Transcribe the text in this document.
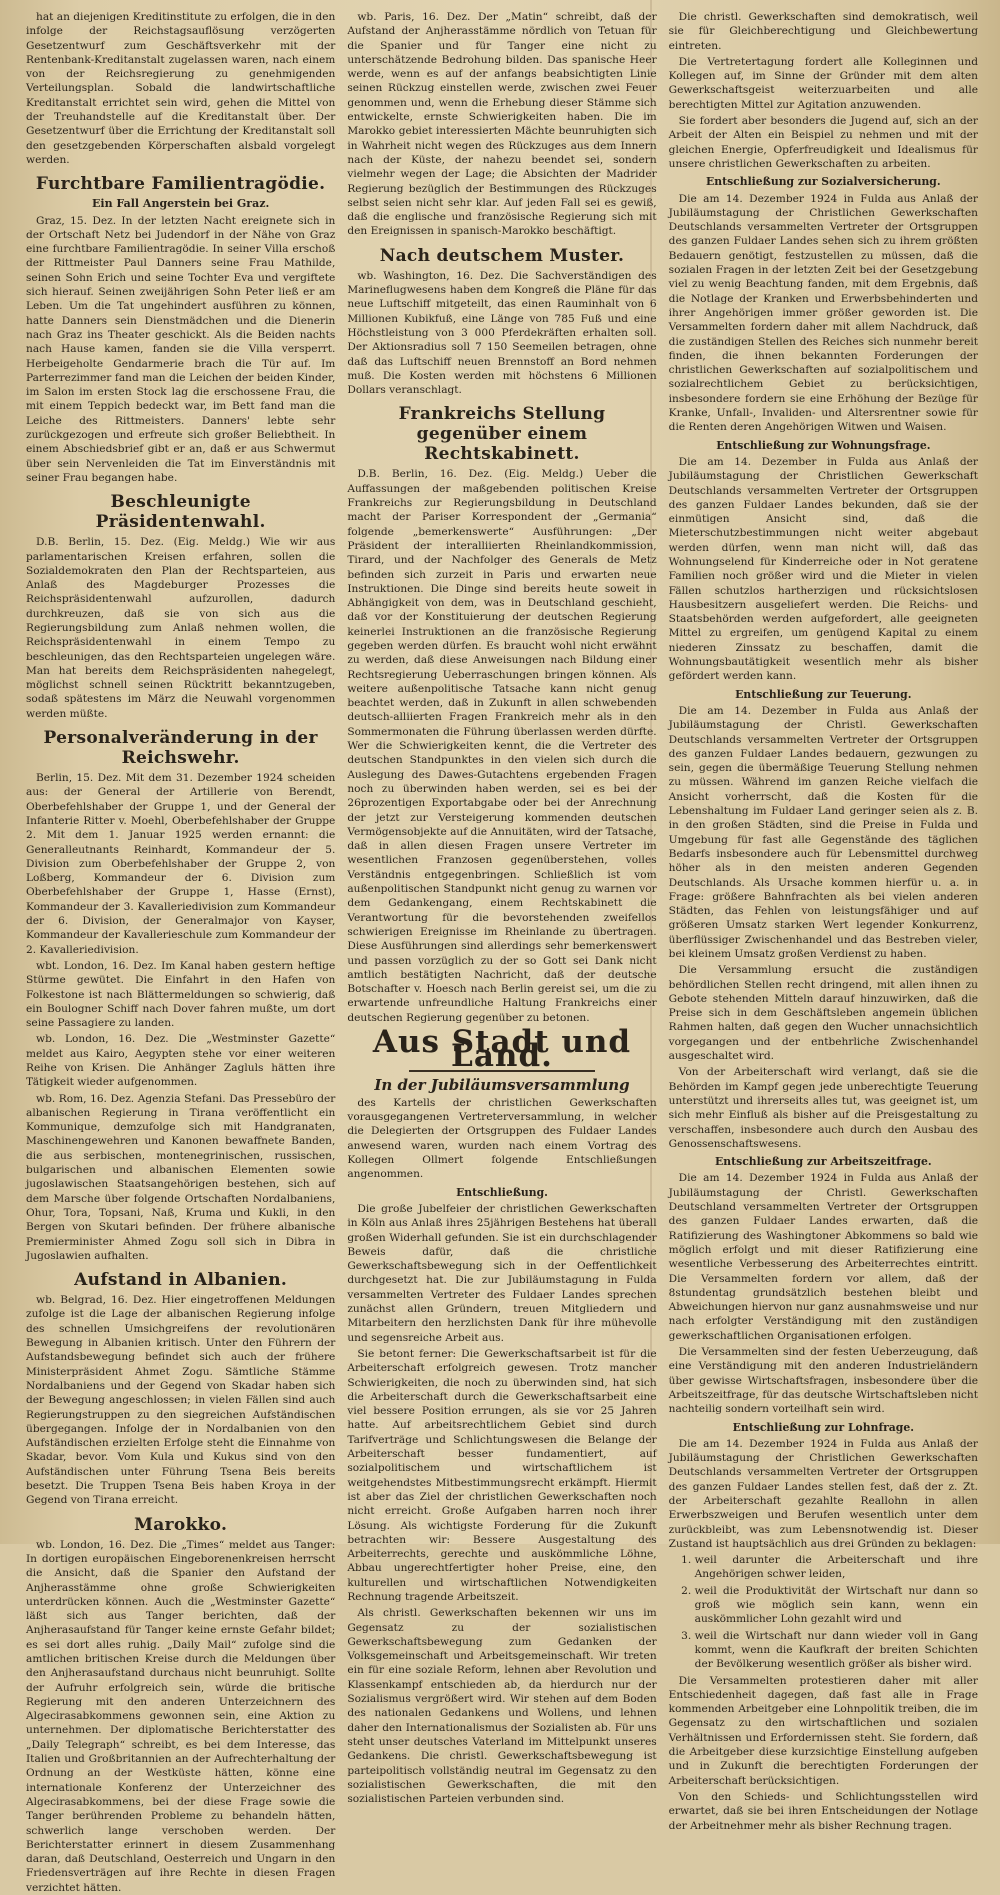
hat an diejenigen Kreditinstitute zu erfolgen, die in den infolge der Reichstagsauflösung verzögerten Gesetzentwurf zum Geschäftsverkehr mit der Rentenbank-Kreditanstalt zugelassen waren, nach einem von der Reichsregierung zu genehmigenden Verteilungsplan. Sobald die landwirtschaftliche Kreditanstalt errichtet sein wird, gehen die Mittel von der Treuhandstelle auf die Kreditanstalt über. Der Gesetzentwurf über die Errichtung der Kreditanstalt soll den gesetzgebenden Körperschaften alsbald vorgelegt werden.

Furchtbare Familientragödie.
Ein Fall Angerstein bei Graz.

Graz, 15. Dez. In der letzten Nacht ereignete sich in der Ortschaft Netz bei Judendorf in der Nähe von Graz eine furchtbare Familientragödie. In seiner Villa erschoß der Rittmeister Paul Danners seine Frau Mathilde, seinen Sohn Erich und seine Tochter Eva und vergiftete sich hierauf. Seinen zweijährigen Sohn Peter ließ er am Leben. Um die Tat ungehindert ausführen zu können, hatte Danners sein Dienstmädchen und die Dienerin nach Graz ins Theater geschickt. Als die Beiden nachts nach Hause kamen, fanden sie die Villa versperrt. Herbeigeholte Gendarmerie brach die Tür auf. Im Parterrezimmer fand man die Leichen der beiden Kinder, im Salon im ersten Stock lag die erschossene Frau, die mit einem Teppich bedeckt war, im Bett fand man die Leiche des Rittmeisters. Danners' lebte sehr zurückgezogen und erfreute sich großer Beliebtheit. In einem Abschiedsbrief gibt er an, daß er aus Schwermut über sein Nervenleiden die Tat im Einverständnis mit seiner Frau begangen habe.

Beschleunigte Präsidentenwahl.

D.B. Berlin, 15. Dez. (Eig. Meldg.) Wie wir aus parlamentarischen Kreisen erfahren, sollen die Sozialdemokraten den Plan der Rechtsparteien, aus Anlaß des Magdeburger Prozesses die Reichspräsidentenwahl aufzurollen, dadurch durchkreuzen, daß sie von sich aus die Regierungsbildung zum Anlaß nehmen wollen, die Reichspräsidentenwahl in einem Tempo zu beschleunigen, das den Rechtsparteien ungelegen wäre. Man hat bereits dem Reichspräsidenten nahegelegt, möglichst schnell seinen Rücktritt bekanntzugeben, sodaß spätestens im März die Neuwahl vorgenommen werden müßte.

Personalveränderung in der Reichswehr.

Berlin, 15. Dez. Mit dem 31. Dezember 1924 scheiden aus: der General der Artillerie von Berendt, Oberbefehlshaber der Gruppe 1, und der General der Infanterie Ritter v. Moehl, Oberbefehlshaber der Gruppe 2. Mit dem 1. Januar 1925 werden ernannt: die Generalleutnants Reinhardt, Kommandeur der 5. Division zum Oberbefehlshaber der Gruppe 2, von Loßberg, Kommandeur der 6. Division zum Oberbefehlshaber der Gruppe 1, Hasse (Ernst), Kommandeur der 3. Kavalleriedivision zum Kommandeur der 6. Division, der Generalmajor von Kayser, Kommandeur der Kavallerieschule zum Kommandeur der 2. Kavalleriedivision.

wbt. London, 16. Dez. Im Kanal haben gestern heftige Stürme gewütet. Die Einfahrt in den Hafen von Folkestone ist nach Blättermeldungen so schwierig, daß ein Boulogner Schiff nach Dover fahren mußte, um dort seine Passagiere zu landen.

wb. London, 16. Dez. Die „Westminster Gazette“ meldet aus Kairo, Aegypten stehe vor einer weiteren Reihe von Krisen. Die Anhänger Zagluls hätten ihre Tätigkeit wieder aufgenommen.

wb. Rom, 16. Dez. Agenzia Stefani. Das Pressebüro der albanischen Regierung in Tirana veröffentlicht ein Kommunique, demzufolge sich mit Handgranaten, Maschinengewehren und Kanonen bewaffnete Banden, die aus serbischen, montenegrinischen, russischen, bulgarischen und albanischen Elementen sowie jugoslawischen Staatsangehörigen bestehen, sich auf dem Marsche über folgende Ortschaften Nordalbaniens, Ohur, Tora, Topsani, Naß, Kruma und Kukli, in den Bergen von Skutari befinden. Der frühere albanische Premierminister Ahmed Zogu soll sich in Dibra in Jugoslawien aufhalten.

Aufstand in Albanien.

wb. Belgrad, 16. Dez. Hier eingetroffenen Meldungen zufolge ist die Lage der albanischen Regierung infolge des schnellen Umsichgreifens der revolutionären Bewegung in Albanien kritisch. Unter den Führern der Aufstandsbewegung befindet sich auch der frühere Ministerpräsident Ahmet Zogu. Sämtliche Stämme Nordalbaniens und der Gegend von Skadar haben sich der Bewegung angeschlossen; in vielen Fällen sind auch Regierungstruppen zu den siegreichen Aufständischen übergegangen. Infolge der in Nordalbanien von den Aufständischen erzielten Erfolge steht die Einnahme von Skadar, bevor. Vom Kula und Kukus sind von den Aufständischen unter Führung Tsena Beis bereits besetzt. Die Truppen Tsena Beis haben Kroya in der Gegend von Tirana erreicht.

Marokko.

wb. London, 16. Dez. Die „Times“ meldet aus Tanger: In dortigen europäischen Eingeborenenkreisen herrscht die Ansicht, daß die Spanier den Aufstand der Anjherasstämme ohne große Schwierigkeiten unterdrücken können. Auch die „Westminster Gazette“ läßt sich aus Tanger berichten, daß der Anjherasaufstand für Tanger keine ernste Gefahr bildet; es sei dort alles ruhig. „Daily Mail“ zufolge sind die amtlichen britischen Kreise durch die Meldungen über den Anjherasaufstand durchaus nicht beunruhigt. Sollte der Aufruhr erfolgreich sein, würde die britische Regierung mit den anderen Unterzeichnern des Algecirasabkommens gewonnen sein, eine Aktion zu unternehmen. Der diplomatische Berichterstatter des „Daily Telegraph“ schreibt, es bei dem Interesse, das Italien und Großbritannien an der Aufrechterhaltung der Ordnung an der Westküste hätten, könne eine internationale Konferenz der Unterzeichner des Algecirasabkommens, bei der diese Frage sowie die Tanger berührenden Probleme zu behandeln hätten, schwerlich lange verschoben werden. Der Berichterstatter erinnert in diesem Zusammenhang daran, daß Deutschland, Oesterreich und Ungarn in den Friedensverträgen auf ihre Rechte in diesen Fragen verzichtet hätten.

wb. Paris, 16. Dez. Der „Matin“ schreibt, daß der Aufstand der Anjherasstämme nördlich von Tetuan für die Spanier und für Tanger eine nicht zu unterschätzende Bedrohung bilden. Das spanische Heer werde, wenn es auf der anfangs beabsichtigten Linie seinen Rückzug einstellen werde, zwischen zwei Feuer genommen und, wenn die Erhebung dieser Stämme sich entwickelte, ernste Schwierigkeiten haben. Die im Marokko gebiet interessierten Mächte beunruhigten sich in Wahrheit nicht wegen des Rückzuges aus dem Innern nach der Küste, der nahezu beendet sei, sondern vielmehr wegen der Lage; die Absichten der Madrider Regierung bezüglich der Bestimmungen des Rückzuges selbst seien nicht sehr klar. Auf jeden Fall sei es gewiß, daß die englische und französische Regierung sich mit den Ereignissen in spanisch-Marokko beschäftigt.

Nach deutschem Muster.

wb. Washington, 16. Dez. Die Sachverständigen des Marineflugwesens haben dem Kongreß die Pläne für das neue Luftschiff mitgeteilt, das einen Rauminhalt von 6 Millionen Kubikfuß, eine Länge von 785 Fuß und eine Höchstleistung von 3 000 Pferdekräften erhalten soll. Der Aktionsradius soll 7 150 Seemeilen betragen, ohne daß das Luftschiff neuen Brennstoff an Bord nehmen muß. Die Kosten werden mit höchstens 6 Millionen Dollars veranschlagt.

Frankreichs Stellung gegenüber einem Rechtskabinett.

D.B. Berlin, 16. Dez. (Eig. Meldg.) Ueber die Auffassungen der maßgebenden politischen Kreise Frankreichs zur Regierungsbildung in Deutschland macht der Pariser Korrespondent der „Germania“ folgende „bemerkenswerte“ Ausführungen: „Der Präsident der interalliierten Rheinlandkommission, Tirard, und der Nachfolger des Generals de Metz befinden sich zurzeit in Paris und erwarten neue Instruktionen. Die Dinge sind bereits heute soweit in Abhängigkeit von dem, was in Deutschland geschieht, daß vor der Konstituierung der deutschen Regierung keinerlei Instruktionen an die französische Regierung gegeben werden dürfen. Es braucht wohl nicht erwähnt zu werden, daß diese Anweisungen nach Bildung einer Rechtsregierung Ueberraschungen bringen können. Als weitere außenpolitische Tatsache kann nicht genug beachtet werden, daß in Zukunft in allen schwebenden deutsch-alliierten Fragen Frankreich mehr als in den Sommermonaten die Führung überlassen werden dürfte. Wer die Schwierigkeiten kennt, die die Vertreter des deutschen Standpunktes in den vielen sich durch die Auslegung des Dawes-Gutachtens ergebenden Fragen noch zu überwinden haben werden, sei es bei der 26prozentigen Exportabgabe oder bei der Anrechnung der jetzt zur Versteigerung kommenden deutschen Vermögensobjekte auf die Annuitäten, wird der Tatsache, daß in allen diesen Fragen unsere Vertreter im wesentlichen Franzosen gegenüberstehen, volles Verständnis entgegenbringen. Schließlich ist vom außenpolitischen Standpunkt nicht genug zu warnen vor dem Gedankengang, einem Rechtskabinett die Verantwortung für die bevorstehenden zweifellos schwierigen Ereignisse im Rheinlande zu übertragen. Diese Ausführungen sind allerdings sehr bemerkenswert und passen vorzüglich zu der so Gott sei Dank nicht amtlich bestätigten Nachricht, daß der deutsche Botschafter v. Hoesch nach Berlin gereist sei, um die zu erwartende unfreundliche Haltung Frankreichs einer deutschen Regierung gegenüber zu betonen.

Aus Stadt und Land.
In der Jubiläumsversammlung

des Kartells der christlichen Gewerkschaften vorausgegangenen Vertreterversammlung, in welcher die Delegierten der Ortsgruppen des Fuldaer Landes anwesend waren, wurden nach einem Vortrag des Kollegen Ollmert folgende Entschließungen angenommen.

Entschließung.

Die große Jubelfeier der christlichen Gewerkschaften in Köln aus Anlaß ihres 25jährigen Bestehens hat überall großen Widerhall gefunden. Sie ist ein durchschlagender Beweis dafür, daß die christliche Gewerkschaftsbewegung sich in der Oeffentlichkeit durchgesetzt hat. Die zur Jubiläumstagung in Fulda versammelten Vertreter des Fuldaer Landes sprechen zunächst allen Gründern, treuen Mitgliedern und Mitarbeitern den herzlichsten Dank für ihre mühevolle und segensreiche Arbeit aus.

Sie betont ferner: Die Gewerkschaftsarbeit ist für die Arbeiterschaft erfolgreich gewesen. Trotz mancher Schwierigkeiten, die noch zu überwinden sind, hat sich die Arbeiterschaft durch die Gewerkschaftsarbeit eine viel bessere Position errungen, als sie vor 25 Jahren hatte. Auf arbeitsrechtlichem Gebiet sind durch Tarifverträge und Schlichtungswesen die Belange der Arbeiterschaft besser fundamentiert, auf sozialpolitischem und wirtschaftlichem ist weitgehendstes Mitbestimmungsrecht erkämpft. Hiermit ist aber das Ziel der christlichen Gewerkschaften noch nicht erreicht. Große Aufgaben harren noch ihrer Lösung. Als wichtigste Forderung für die Zukunft betrachten wir: Bessere Ausgestaltung des Arbeiterrechts, gerechte und auskömmliche Löhne, Abbau ungerechtfertigter hoher Preise, eine, den kulturellen und wirtschaftlichen Notwendigkeiten Rechnung tragende Arbeitszeit.

Als christl. Gewerkschaften bekennen wir uns im Gegensatz zu der sozialistischen Gewerkschaftsbewegung zum Gedanken der Volksgemeinschaft und Arbeitsgemeinschaft. Wir treten ein für eine soziale Reform, lehnen aber Revolution und Klassenkampf entschieden ab, da hierdurch nur der Sozialismus vergrößert wird. Wir stehen auf dem Boden des nationalen Gedankens und Wollens, und lehnen daher den Internationalismus der Sozialisten ab. Für uns steht unser deutsches Vaterland im Mittelpunkt unseres Gedankens. Die christl. Gewerkschaftsbewegung ist parteipolitisch vollständig neutral im Gegensatz zu den sozialistischen Gewerkschaften, die mit den sozialistischen Parteien verbunden sind.

Die christl. Gewerkschaften sind demokratisch, weil sie für Gleichberechtigung und Gleichbewertung eintreten.

Die Vertretertagung fordert alle Kolleginnen und Kollegen auf, im Sinne der Gründer mit dem alten Gewerkschaftsgeist weiterzuarbeiten und alle berechtigten Mittel zur Agitation anzuwenden.

Sie fordert aber besonders die Jugend auf, sich an der Arbeit der Alten ein Beispiel zu nehmen und mit der gleichen Energie, Opferfreudigkeit und Idealismus für unsere christlichen Gewerkschaften zu arbeiten.

Entschließung zur Sozialversicherung.

Die am 14. Dezember 1924 in Fulda aus Anlaß der Jubiläumstagung der Christlichen Gewerkschaften Deutschlands versammelten Vertreter der Ortsgruppen des ganzen Fuldaer Landes sehen sich zu ihrem größten Bedauern genötigt, festzustellen zu müssen, daß die sozialen Fragen in der letzten Zeit bei der Gesetzgebung viel zu wenig Beachtung fanden, mit dem Ergebnis, daß die Notlage der Kranken und Erwerbsbehinderten und ihrer Angehörigen immer größer geworden ist. Die Versammelten fordern daher mit allem Nachdruck, daß die zuständigen Stellen des Reiches sich nunmehr bereit finden, die ihnen bekannten Forderungen der christlichen Gewerkschaften auf sozialpolitischem und sozialrechtlichem Gebiet zu berücksichtigen, insbesondere fordern sie eine Erhöhung der Bezüge für Kranke, Unfall-, Invaliden- und Altersrentner sowie für die Renten deren Angehörigen Witwen und Waisen.

Entschließung zur Wohnungsfrage.

Die am 14. Dezember in Fulda aus Anlaß der Jubiläumstagung der Christlichen Gewerkschaft Deutschlands versammelten Vertreter der Ortsgruppen des ganzen Fuldaer Landes bekunden, daß sie der einmütigen Ansicht sind, daß die Mieterschutzbestimmungen nicht weiter abgebaut werden dürfen, wenn man nicht will, daß das Wohnungselend für Kinderreiche oder in Not geratene Familien noch größer wird und die Mieter in vielen Fällen schutzlos hartherzigen und rücksichtslosen Hausbesitzern ausgeliefert werden. Die Reichs- und Staatsbehörden werden aufgefordert, alle geeigneten Mittel zu ergreifen, um genügend Kapital zu einem niederen Zinssatz zu beschaffen, damit die Wohnungsbautätigkeit wesentlich mehr als bisher gefördert werden kann.

Entschließung zur Teuerung.

Die am 14. Dezember in Fulda aus Anlaß der Jubiläumstagung der Christl. Gewerkschaften Deutschlands versammelten Vertreter der Ortsgruppen des ganzen Fuldaer Landes bedauern, gezwungen zu sein, gegen die übermäßige Teuerung Stellung nehmen zu müssen. Während im ganzen Reiche vielfach die Ansicht vorherrscht, daß die Kosten für die Lebenshaltung im Fuldaer Land geringer seien als z. B. in den großen Städten, sind die Preise in Fulda und Umgebung für fast alle Gegenstände des täglichen Bedarfs insbesondere auch für Lebensmittel durchweg höher als in den meisten anderen Gegenden Deutschlands. Als Ursache kommen hierfür u. a. in Frage: größere Bahnfrachten als bei vielen anderen Städten, das Fehlen von leistungsfähiger und auf größeren Umsatz starken Wert legender Konkurrenz, überflüssiger Zwischenhandel und das Bestreben vieler, bei kleinem Umsatz großen Verdienst zu haben.

Die Versammlung ersucht die zuständigen behördlichen Stellen recht dringend, mit allen ihnen zu Gebote stehenden Mitteln darauf hinzuwirken, daß die Preise sich in dem Geschäftsleben angemein üblichen Rahmen halten, daß gegen den Wucher unnachsichtlich vorgegangen und der entbehrliche Zwischenhandel ausgeschaltet wird.

Von der Arbeiterschaft wird verlangt, daß sie die Behörden im Kampf gegen jede unberechtigte Teuerung unterstützt und ihrerseits alles tut, was geeignet ist, um sich mehr Einfluß als bisher auf die Preisgestaltung zu verschaffen, insbesondere auch durch den Ausbau des Genossenschaftswesens.

Entschließung zur Arbeitszeitfrage.

Die am 14. Dezember 1924 in Fulda aus Anlaß der Jubiläumstagung der Christl. Gewerkschaften Deutschland versammelten Vertreter der Ortsgruppen des ganzen Fuldaer Landes erwarten, daß die Ratifizierung des Washingtoner Abkommens so bald wie möglich erfolgt und mit dieser Ratifizierung eine wesentliche Verbesserung des Arbeiterrechtes eintritt. Die Versammelten fordern vor allem, daß der 8stundentag grundsätzlich bestehen bleibt und Abweichungen hiervon nur ganz ausnahmsweise und nur nach erfolgter Verständigung mit den zuständigen gewerkschaftlichen Organisationen erfolgen.

Die Versammelten sind der festen Ueberzeugung, daß eine Verständigung mit den anderen Industrieländern über gewisse Wirtschaftsfragen, insbesondere über die Arbeitszeitfrage, für das deutsche Wirtschaftsleben nicht nachteilig sondern vorteilhaft sein wird.

Entschließung zur Lohnfrage.

Die am 14. Dezember 1924 in Fulda aus Anlaß der Jubiläumstagung der Christlichen Gewerkschaften Deutschlands versammelten Vertreter der Ortsgruppen des ganzen Fuldaer Landes stellen fest, daß der z. Zt. der Arbeiterschaft gezahlte Reallohn in allen Erwerbszweigen und Berufen wesentlich unter dem zurückbleibt, was zum Lebensnotwendig ist. Dieser Zustand ist hauptsächlich aus drei Gründen zu beklagen:

1. weil darunter die Arbeiterschaft und ihre Angehörigen schwer leiden,
2. weil die Produktivität der Wirtschaft nur dann so groß wie möglich sein kann, wenn ein auskömmlicher Lohn gezahlt wird und
3. weil die Wirtschaft nur dann wieder voll in Gang kommt, wenn die Kaufkraft der breiten Schichten der Bevölkerung wesentlich größer als bisher wird.

Die Versammelten protestieren daher mit aller Entschiedenheit dagegen, daß fast alle in Frage kommenden Arbeitgeber eine Lohnpolitik treiben, die im Gegensatz zu den wirtschaftlichen und sozialen Verhältnissen und Erfordernissen steht. Sie fordern, daß die Arbeitgeber diese kurzsichtige Einstellung aufgeben und in Zukunft die berechtigten Forderungen der Arbeiterschaft berücksichtigen.

Von den Schieds- und Schlichtungsstellen wird erwartet, daß sie bei ihren Entscheidungen der Notlage der Arbeitnehmer mehr als bisher Rechnung tragen.
